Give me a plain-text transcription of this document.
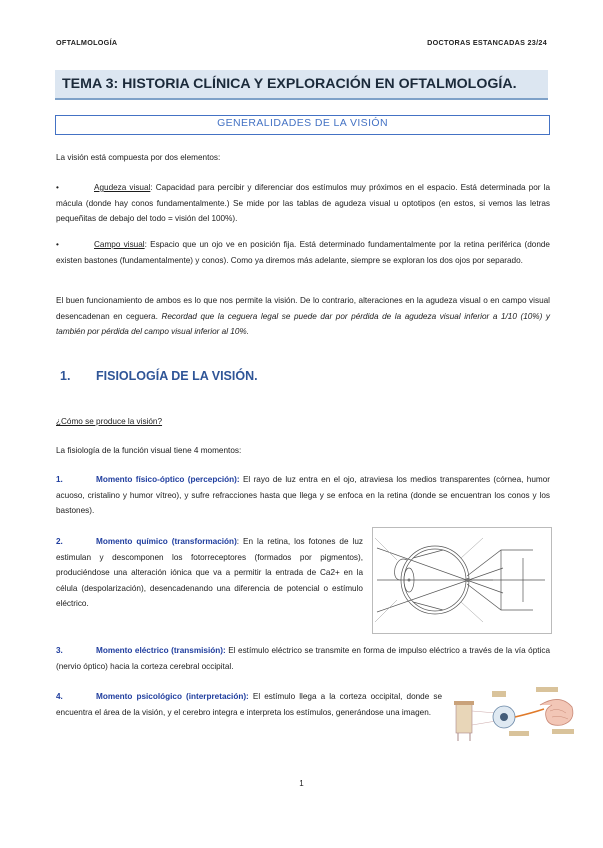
OFTALMOLOGÍA	DOCTORAS ESTANCADAS 23/24
TEMA 3: HISTORIA CLÍNICA Y EXPLORACIÓN EN OFTALMOLOGÍA.
GENERALIDADES DE LA VISIÓN
La visión está compuesta por dos elementos:
•	Agudeza visual: Capacidad para percibir y diferenciar dos estímulos muy próximos en el espacio. Está determinada por la mácula (donde hay conos fundamentalmente.) Se mide por las tablas de agudeza visual u optotipos (en estos, si vemos las letras pequeñitas de debajo del todo = visión del 100%).
•	Campo visual: Espacio que un ojo ve en posición fija. Está determinado fundamentalmente por la retina periférica (donde existen bastones (fundamentalmente) y conos). Como ya diremos más adelante, siempre se exploran los dos ojos por separado.
El buen funcionamiento de ambos es lo que nos permite la visión. De lo contrario, alteraciones en la agudeza visual o en campo visual desencadenan en ceguera. Recordad que la ceguera legal se puede dar por pérdida de la agudeza visual inferior a 1/10 (10%) y también por pérdida del campo visual inferior al 10%.
1. FISIOLOGÍA DE LA VISIÓN.
¿Cómo se produce la visión?
La fisiología de la función visual tiene 4 momentos:
1.	Momento físico-óptico (percepción): El rayo de luz entra en el ojo, atraviesa los medios transparentes (córnea, humor acuoso, cristalino y humor vítreo), y sufre refracciones hasta que llega y se enfoca en la retina (donde se encuentran los conos y los bastones).
2.	Momento químico (transformación): En la retina, los fotones de luz estimulan y descomponen los fotorreceptores (formados por pigmentos), produciéndose una alteración iónica que va a permitir la entrada de Ca2+ en la célula (despolarización), desencadenando una diferencia de potencial o estímulo eléctrico.
3.	Momento eléctrico (transmisión): El estímulo eléctrico se transmite en forma de impulso eléctrico a través de la vía óptica (nervio óptico) hacia la corteza cerebral occipital.
4.	Momento psicológico (interpretación): El estímulo llega a la corteza occipital, donde se encuentra el área de la visión, y el cerebro integra e interpreta los estímulos, generándose una imagen.
1
